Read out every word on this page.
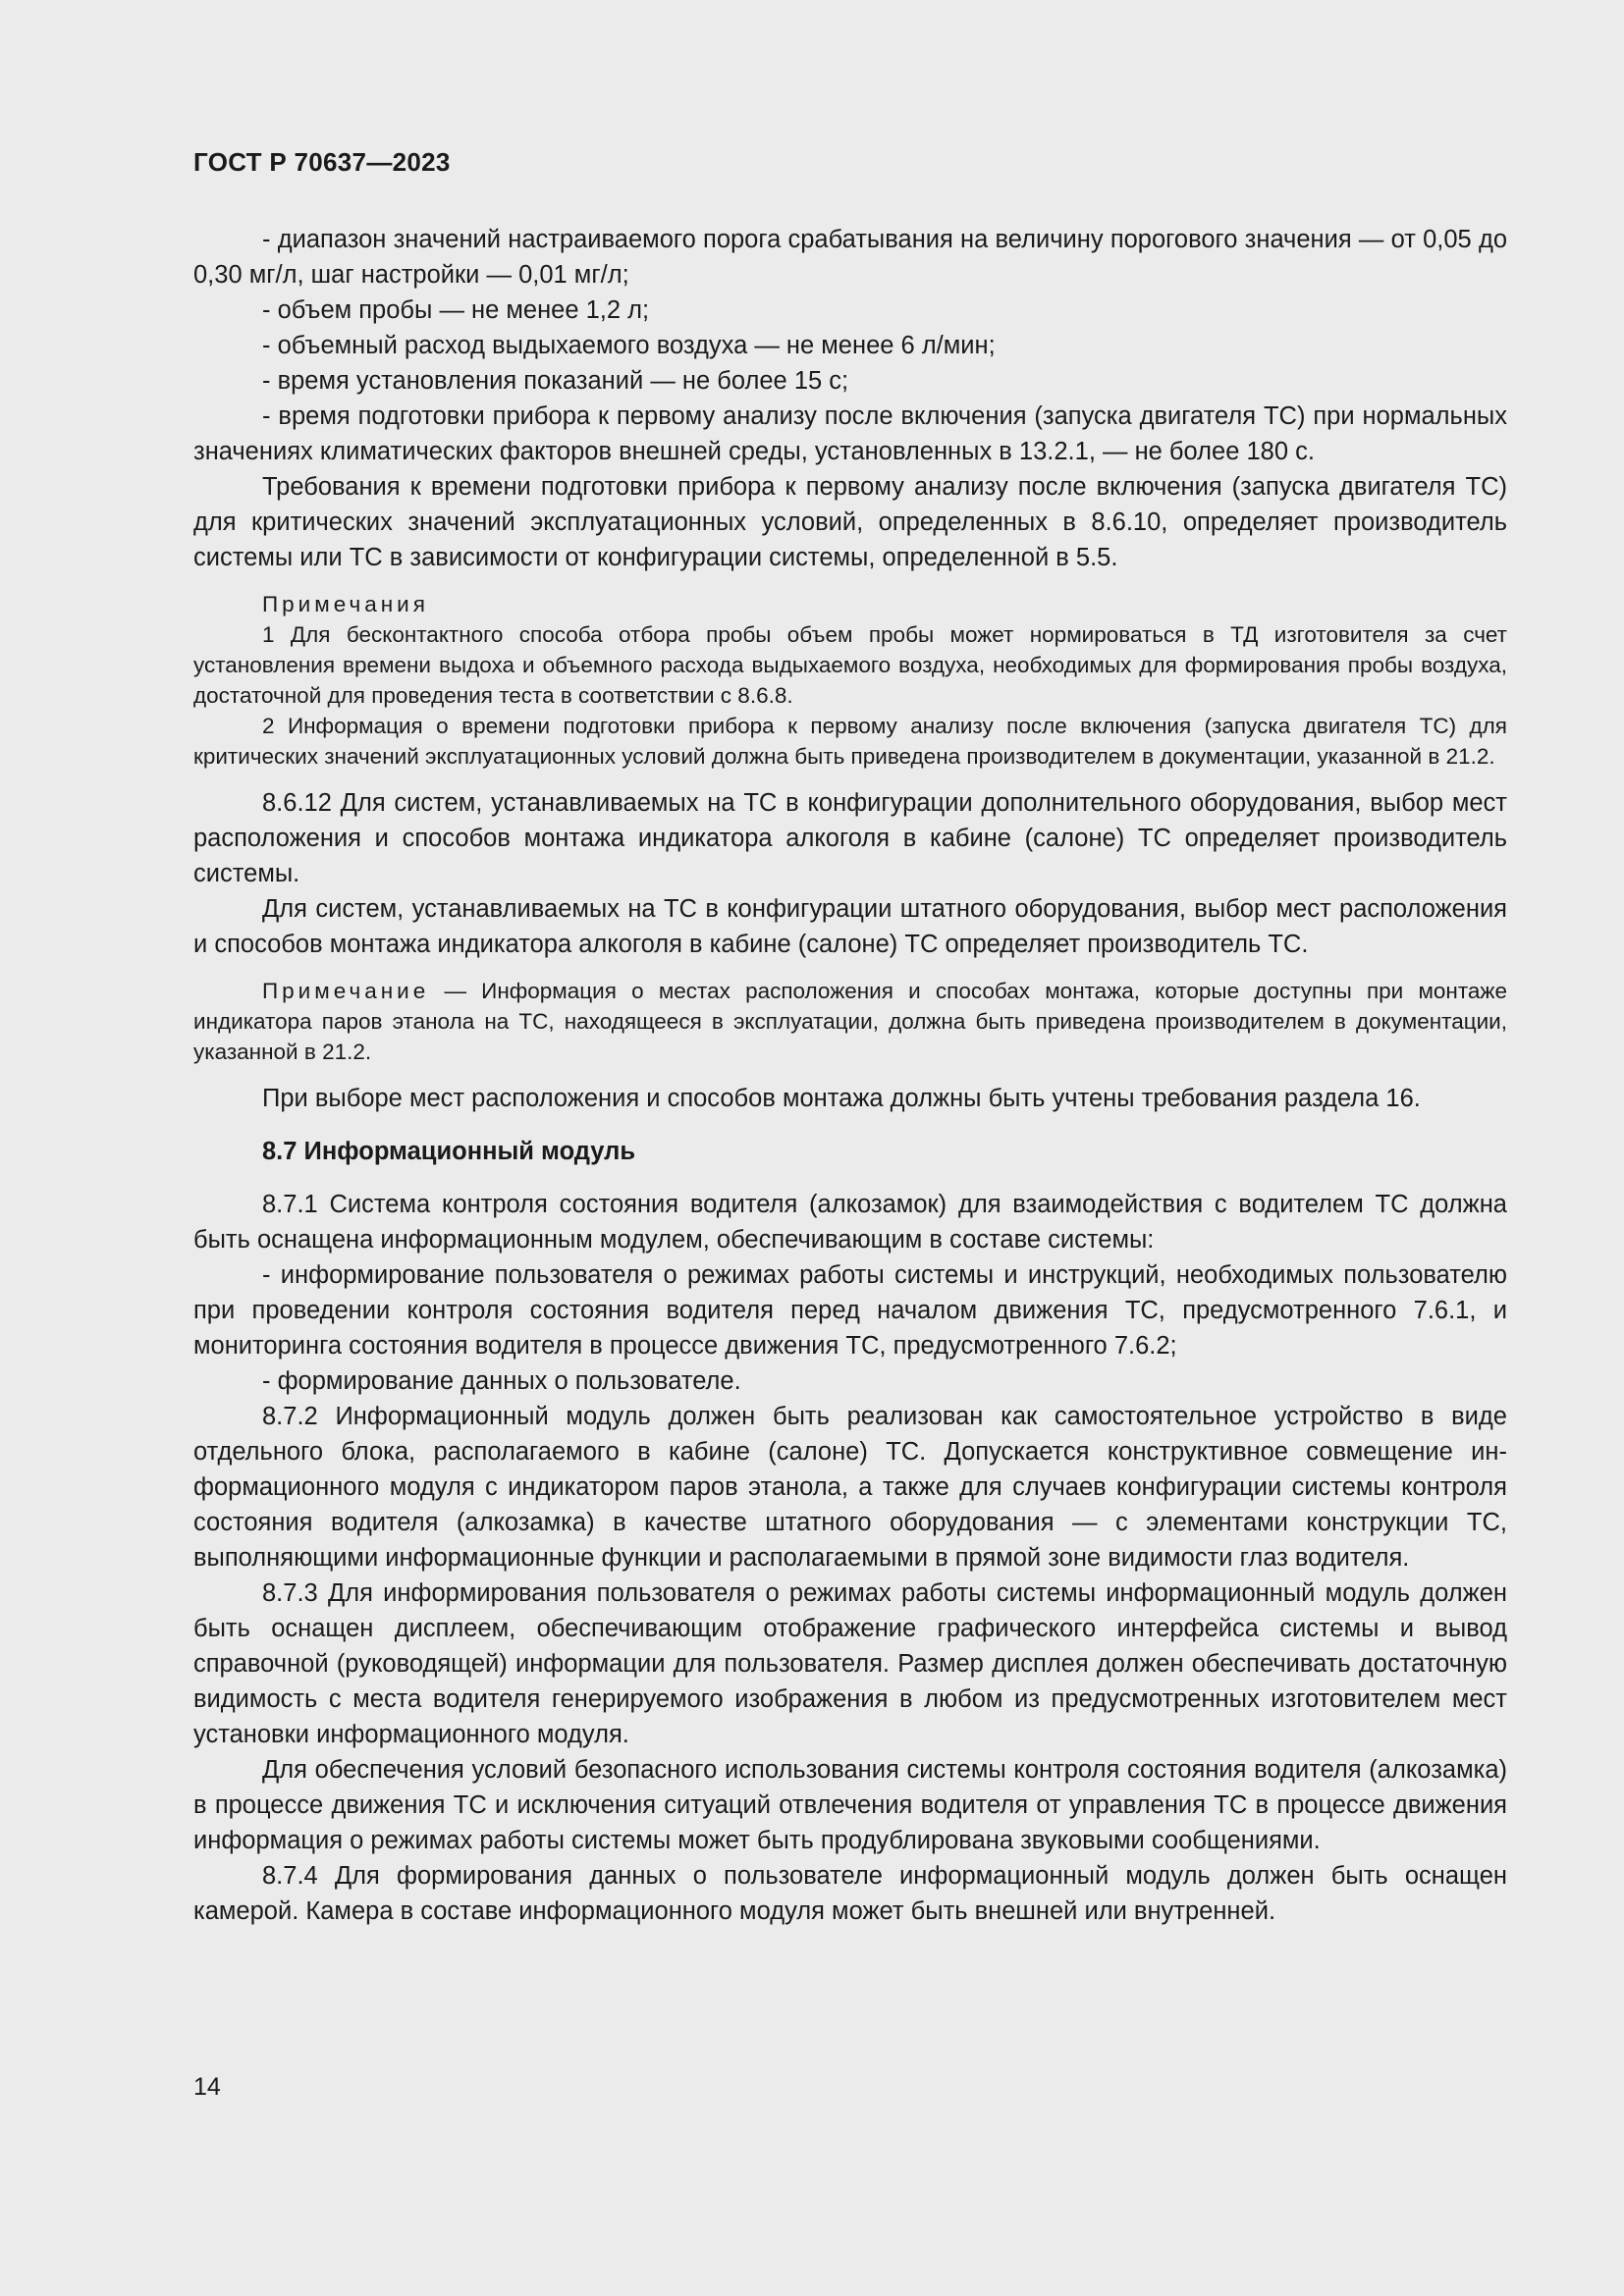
ГОСТ Р 70637—2023

- диапазон значений настраиваемого порога срабатывания на величину порогового значения — от 0,05 до 0,30 мг/л, шаг настройки — 0,01 мг/л;

- объем пробы — не менее 1,2 л;

- объемный расход выдыхаемого воздуха — не менее 6 л/мин;

- время установления показаний — не более 15 с;

- время подготовки прибора к первому анализу после включения (запуска двигателя ТС) при нормальных значениях климатических факторов внешней среды, установленных в 13.2.1, — не более 180 с.

Требования к времени подготовки прибора к первому анализу после включения (запуска двигателя ТС) для критических значений эксплуатационных условий, определенных в 8.6.10, определяет производитель системы или ТС в зависимости от конфигурации системы, определенной в 5.5.

Примечания

1 Для бесконтактного способа отбора пробы объем пробы может нормироваться в ТД изготовителя за счет установления времени выдоха и объемного расхода выдыхаемого воздуха, необходимых для формирования пробы воздуха, достаточной для проведения теста в соответствии с 8.6.8.

2 Информация о времени подготовки прибора к первому анализу после включения (запуска двигателя ТС) для критических значений эксплуатационных условий должна быть приведена производителем в документации, указанной в 21.2.

8.6.12 Для систем, устанавливаемых на ТС в конфигурации дополнительного оборудования, выбор мест расположения и способов монтажа индикатора алкоголя в кабине (салоне) ТС определяет производитель системы.

Для систем, устанавливаемых на ТС в конфигурации штатного оборудования, выбор мест расположения и способов монтажа индикатора алкоголя в кабине (салоне) ТС определяет производитель ТС.

Примечание — Информация о местах расположения и способах монтажа, которые доступны при монтаже индикатора паров этанола на ТС, находящееся в эксплуатации, должна быть приведена производителем в документации, указанной в 21.2.

При выборе мест расположения и способов монтажа должны быть учтены требования раздела 16.

8.7 Информационный модуль

8.7.1 Система контроля состояния водителя (алкозамок) для взаимодействия с водителем ТС должна быть оснащена информационным модулем, обеспечивающим в составе системы:

- информирование пользователя о режимах работы системы и инструкций, необходимых пользователю при проведении контроля состояния водителя перед началом движения ТС, предусмотренного 7.6.1, и мониторинга состояния водителя в процессе движения ТС, предусмотренного 7.6.2;

- формирование данных о пользователе.

8.7.2 Информационный модуль должен быть реализован как самостоятельное устройство в виде отдельного блока, располагаемого в кабине (салоне) ТС. Допускается конструктивное совмещение информационного модуля с индикатором паров этанола, а также для случаев конфигурации системы контроля состояния водителя (алкозамка) в качестве штатного оборудования — с элементами конструкции ТС, выполняющими информационные функции и располагаемыми в прямой зоне видимости глаз водителя.

8.7.3 Для информирования пользователя о режимах работы системы информационный модуль должен быть оснащен дисплеем, обеспечивающим отображение графического интерфейса системы и вывод справочной (руководящей) информации для пользователя. Размер дисплея должен обеспечивать достаточную видимость с места водителя генерируемого изображения в любом из предусмотренных изготовителем мест установки информационного модуля.

Для обеспечения условий безопасного использования системы контроля состояния водителя (алкозамка) в процессе движения ТС и исключения ситуаций отвлечения водителя от управления ТС в процессе движения информация о режимах работы системы может быть продублирована звуковыми сообщениями.

8.7.4 Для формирования данных о пользователе информационный модуль должен быть оснащен камерой. Камера в составе информационного модуля может быть внешней или внутренней.

14
